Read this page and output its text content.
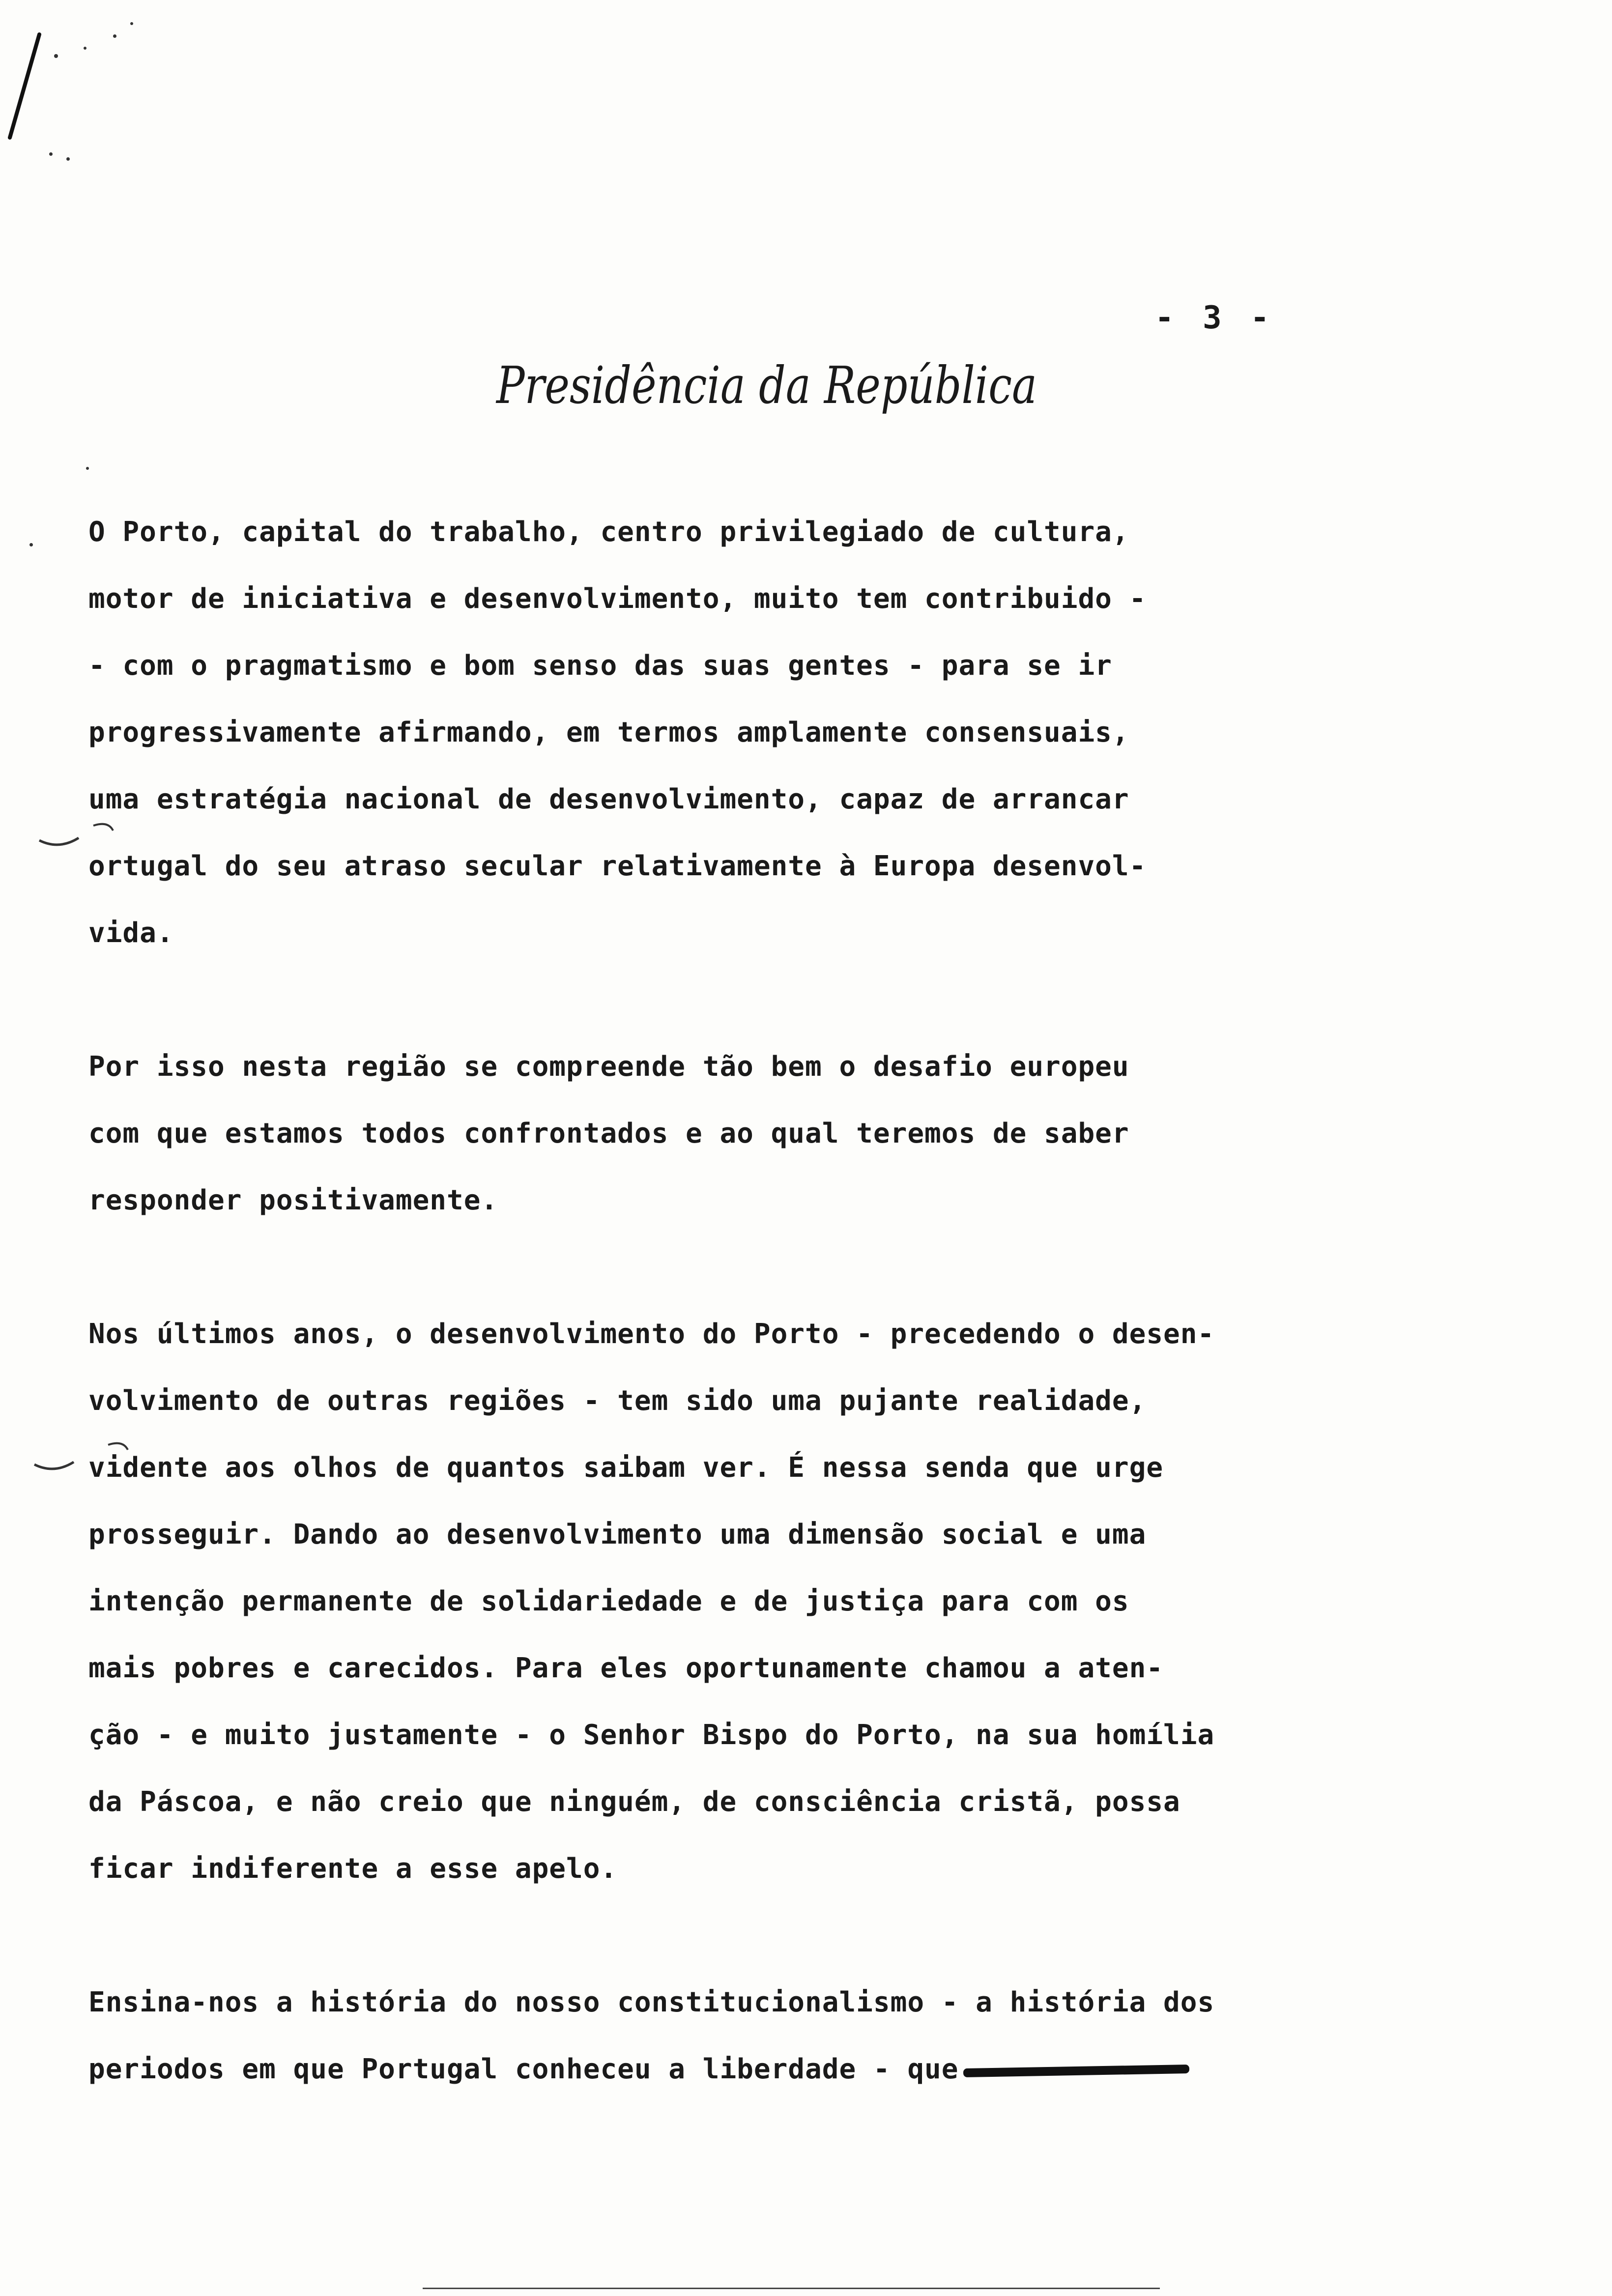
- 3 -
Presidência da República
O Porto, capital do trabalho, centro privilegiado de cultura,
motor de iniciativa e desenvolvimento, muito tem contribuido -
- com o pragmatismo e bom senso das suas gentes - para se ir
progressivamente afirmando, em termos amplamente consensuais,
uma estratégia nacional de desenvolvimento, capaz de arrancar
ortugal do seu atraso secular relativamente à Europa desenvol-
vida.
Por isso nesta região se compreende tão bem o desafio europeu
com que estamos todos confrontados e ao qual teremos de saber
responder positivamente.
Nos últimos anos, o desenvolvimento do Porto - precedendo o desen-
volvimento de outras regiões - tem sido uma pujante realidade,
vidente aos olhos de quantos saibam ver. É nessa senda que urge
prosseguir. Dando ao desenvolvimento uma dimensão social e uma
intenção permanente de solidariedade e de justiça para com os
mais pobres e carecidos. Para eles oportunamente chamou a aten-
ção - e muito justamente - o Senhor Bispo do Porto, na sua homília
da Páscoa, e não creio que ninguém, de consciência cristã, possa
ficar indiferente a esse apelo.
Ensina-nos a história do nosso constitucionalismo - a história dos
periodos em que Portugal conheceu a liberdade - que
